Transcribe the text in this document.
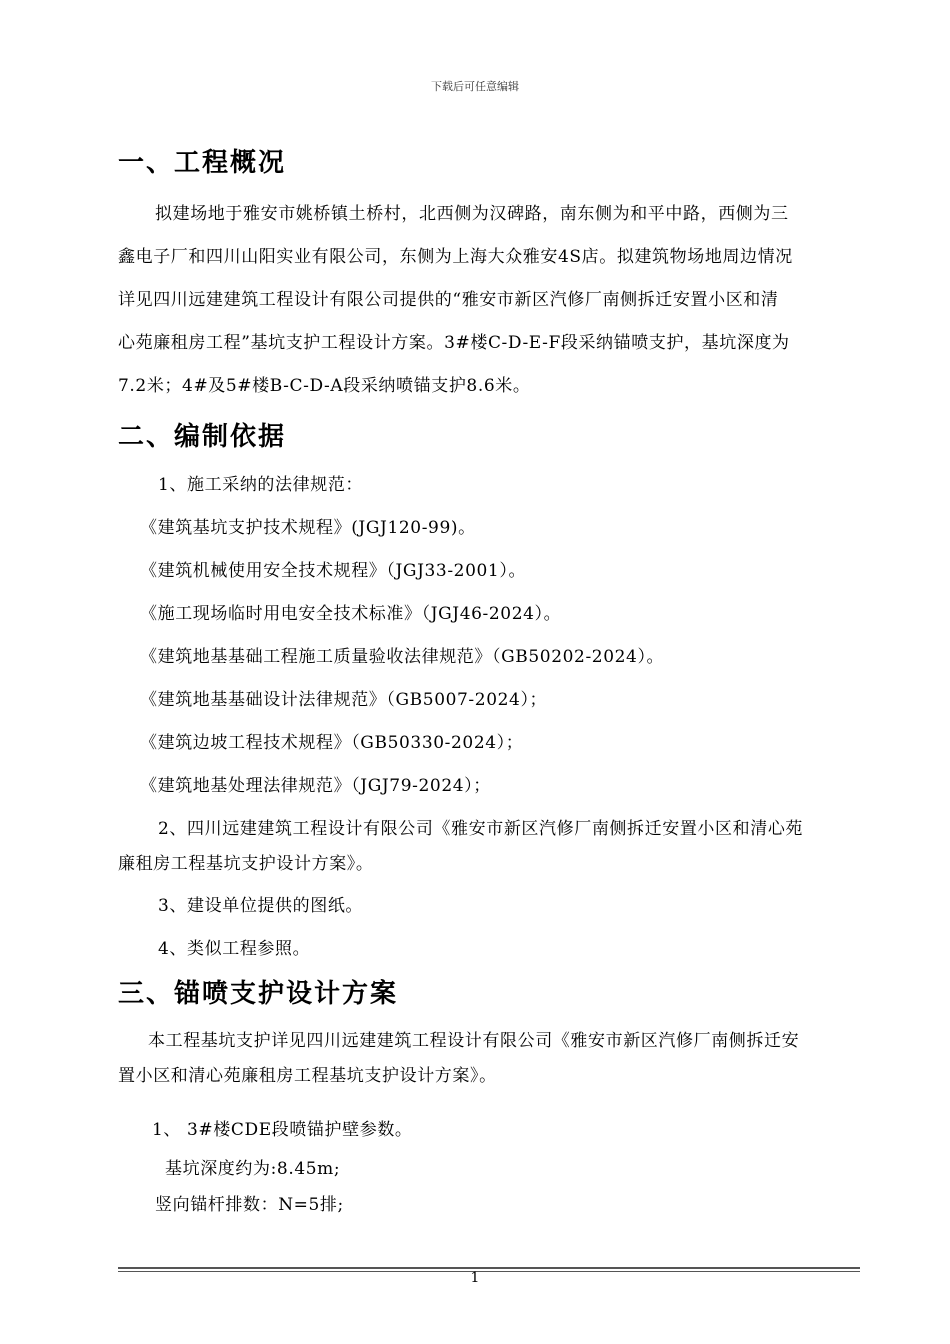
下载后可任意编辑
一、工程概况
拟建场地于雅安市姚桥镇土桥村，北西侧为汉碑路，南东侧为和平中路，西侧为三
鑫电子厂和四川山阳实业有限公司，东侧为上海大众雅安4S店。拟建筑物场地周边情况
详见四川远建建筑工程设计有限公司提供的“雅安市新区汽修厂南侧拆迁安置小区和清
心苑廉租房工程”基坑支护工程设计方案。3#楼C-D-E-F段采纳锚喷支护，基坑深度为
7.2米；4#及5#楼B-C-D-A段采纳喷锚支护8.6米。
二、编制依据
1、施工采纳的法律规范：
《建筑基坑支护技术规程》(JGJ120-99)。
《建筑机械使用安全技术规程》（JGJ33-2001）。
《施工现场临时用电安全技术标准》（JGJ46-2024）。
《建筑地基基础工程施工质量验收法律规范》（GB50202-2024）。
《建筑地基基础设计法律规范》（GB5007-2024）；
《建筑边坡工程技术规程》（GB50330-2024）；
《建筑地基处理法律规范》（JGJ79-2024）；
2、四川远建建筑工程设计有限公司《雅安市新区汽修厂南侧拆迁安置小区和清心苑
廉租房工程基坑支护设计方案》。
3、建设单位提供的图纸。
4、类似工程参照。
三、锚喷支护设计方案
本工程基坑支护详见四川远建建筑工程设计有限公司《雅安市新区汽修厂南侧拆迁安
置小区和清心苑廉租房工程基坑支护设计方案》。
1、 3#楼CDE段喷锚护壁参数。
基坑深度约为:8.45m;
竖向锚杆排数：N=5排;
1
